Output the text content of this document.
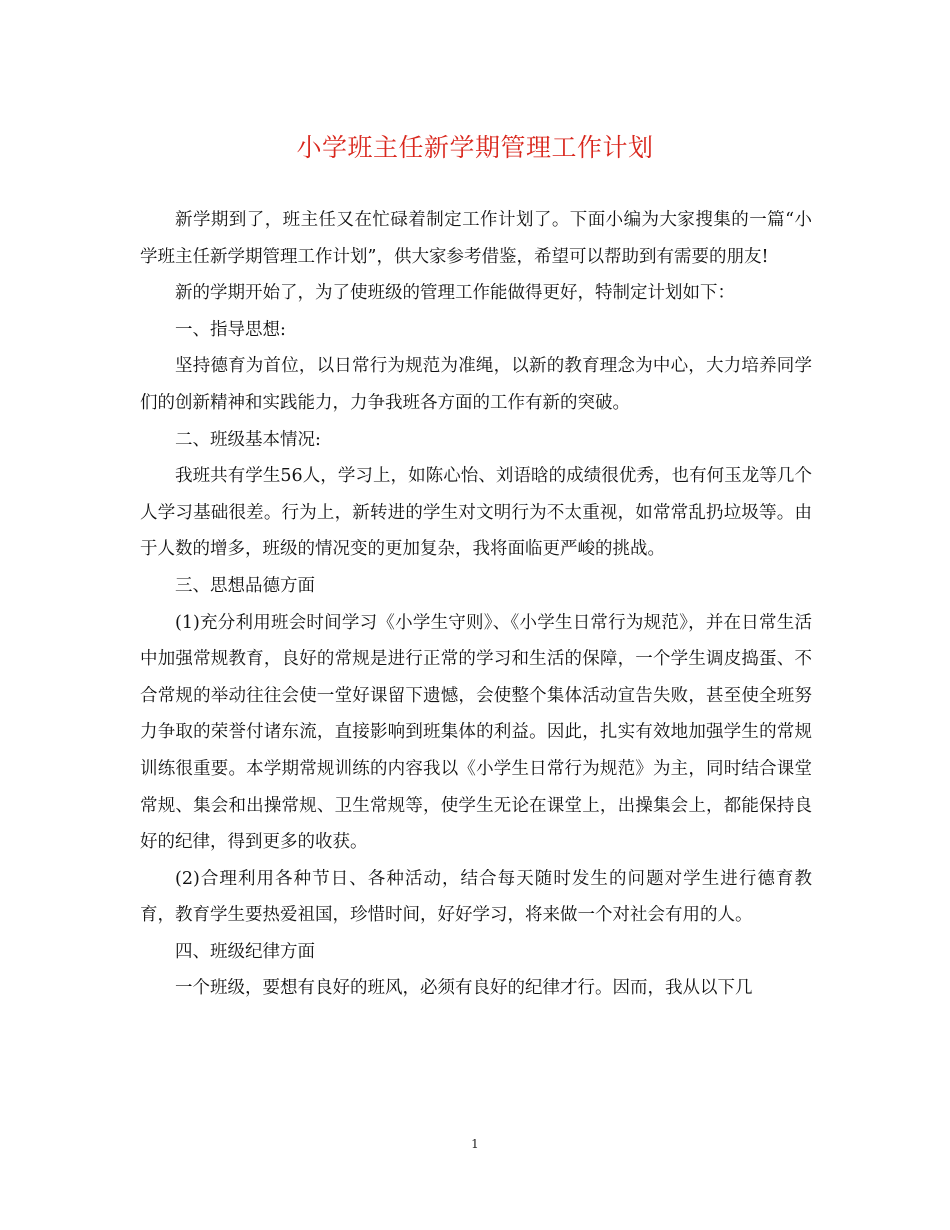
小学班主任新学期管理工作计划

新学期到了，班主任又在忙碌着制定工作计划了。下面小编为大家搜集的一篇“小学班主任新学期管理工作计划”，供大家参考借鉴，希望可以帮助到有需要的朋友!

新的学期开始了，为了使班级的管理工作能做得更好，特制定计划如下：

一、指导思想:

坚持德育为首位，以日常行为规范为准绳，以新的教育理念为中心，大力培养同学们的创新精神和实践能力，力争我班各方面的工作有新的突破。

二、班级基本情况:

我班共有学生56人，学习上，如陈心怡、刘语晗的成绩很优秀，也有何玉龙等几个人学习基础很差。行为上，新转进的学生对文明行为不太重视，如常常乱扔垃圾等。由于人数的增多，班级的情况变的更加复杂，我将面临更严峻的挑战。

三、思想品德方面

(1)充分利用班会时间学习《小学生守则》、《小学生日常行为规范》，并在日常生活中加强常规教育，良好的常规是进行正常的学习和生活的保障，一个学生调皮捣蛋、不合常规的举动往往会使一堂好课留下遗憾，会使整个集体活动宣告失败，甚至使全班努力争取的荣誉付诸东流，直接影响到班集体的利益。因此，扎实有效地加强学生的常规训练很重要。本学期常规训练的内容我以《小学生日常行为规范》为主，同时结合课堂常规、集会和出操常规、卫生常规等，使学生无论在课堂上，出操集会上，都能保持良好的纪律，得到更多的收获。

(2)合理利用各种节日、各种活动，结合每天随时发生的问题对学生进行德育教育，教育学生要热爱祖国，珍惜时间，好好学习，将来做一个对社会有用的人。

四、班级纪律方面

一个班级，要想有良好的班风，必须有良好的纪律才行。因而，我从以下几

1
